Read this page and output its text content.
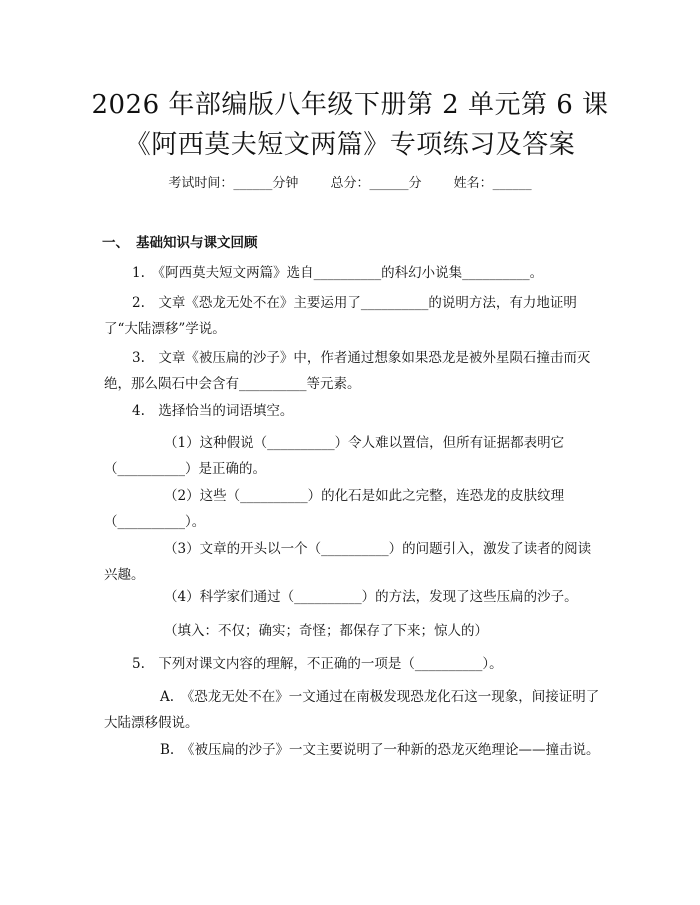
2026 年部编版八年级下册第 2 单元第 6 课
《阿西莫夫短文两篇》专项练习及答案
考试时间：______分钟 总分：______分 姓名：______
一、 基础知识与课文回顾

1.　《阿西莫夫短文两篇》选自__________的科幻小说集__________。

2.　文章《恐龙无处不在》主要运用了__________的说明方法，有力地证明了“大陆漂移”学说。

3.　文章《被压扁的沙子》中，作者通过想象如果恐龙是被外星陨石撞击而灭绝，那么陨石中会含有__________等元素。

4.　选择恰当的词语填空。

（1）这种假说（__________）令人难以置信，但所有证据都表明它（__________）是正确的。

（2）这些（__________）的化石是如此之完整，连恐龙的皮肤纹理（__________）。

（3）文章的开头以一个（__________）的问题引入，激发了读者的阅读兴趣。

（4）科学家们通过（__________）的方法，发现了这些压扁的沙子。

（填入：不仅；确实；奇怪；都保存了下来；惊人的）

5.　下列对课文内容的理解，不正确的一项是（__________）。

A.　《恐龙无处不在》一文通过在南极发现恐龙化石这一现象，间接证明了大陆漂移假说。

B.　《被压扁的沙子》一文主要说明了一种新的恐龙灭绝理论——撞击说。
